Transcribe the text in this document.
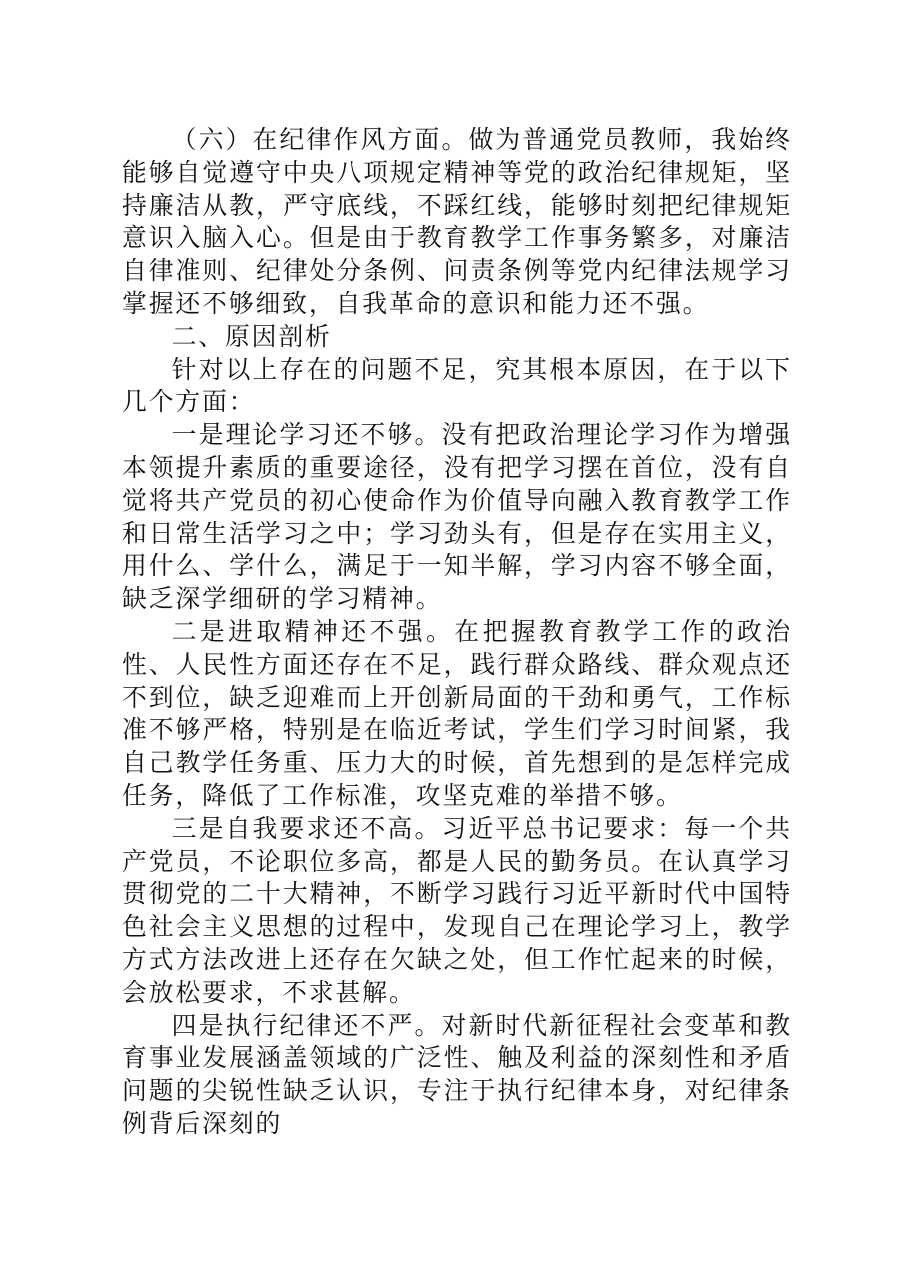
（六）在纪律作风方面。做为普通党员教师，我始终能够自觉遵守中央八项规定精神等党的政治纪律规矩，坚持廉洁从教，严守底线，不踩红线，能够时刻把纪律规矩意识入脑入心。但是由于教育教学工作事务繁多，对廉洁自律准则、纪律处分条例、问责条例等党内纪律法规学习掌握还不够细致，自我革命的意识和能力还不强。

二、原因剖析

针对以上存在的问题不足，究其根本原因，在于以下几个方面：

一是理论学习还不够。没有把政治理论学习作为增强本领提升素质的重要途径，没有把学习摆在首位，没有自觉将共产党员的初心使命作为价值导向融入教育教学工作和日常生活学习之中；学习劲头有，但是存在实用主义，用什么、学什么，满足于一知半解，学习内容不够全面，缺乏深学细研的学习精神。

二是进取精神还不强。在把握教育教学工作的政治性、人民性方面还存在不足，践行群众路线、群众观点还不到位，缺乏迎难而上开创新局面的干劲和勇气，工作标准不够严格，特别是在临近考试，学生们学习时间紧，我自己教学任务重、压力大的时候，首先想到的是怎样完成任务，降低了工作标准，攻坚克难的举措不够。

三是自我要求还不高。习近平总书记要求：每一个共产党员，不论职位多高，都是人民的勤务员。在认真学习贯彻党的二十大精神，不断学习践行习近平新时代中国特色社会主义思想的过程中，发现自己在理论学习上，教学方式方法改进上还存在欠缺之处，但工作忙起来的时候，会放松要求，不求甚解。

四是执行纪律还不严。对新时代新征程社会变革和教育事业发展涵盖领域的广泛性、触及利益的深刻性和矛盾问题的尖锐性缺乏认识，专注于执行纪律本身，对纪律条例背后深刻的
